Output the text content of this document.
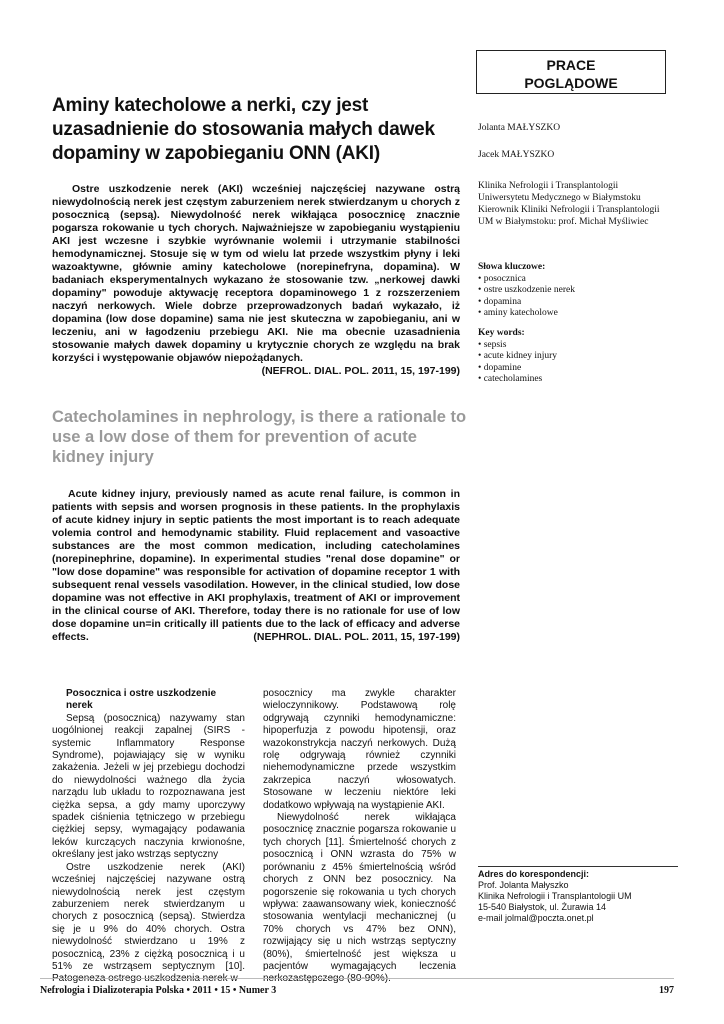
PRACE
POGLĄDOWE
Aminy katecholowe a nerki, czy jest uzasadnienie do stosowania małych dawek dopaminy w zapobieganiu ONN (AKI)
Jolanta MAŁYSZKO
Jacek MAŁYSZKO
Klinika Nefrologii i Transplantologii
Uniwersytetu Medycznego w Białymstoku
Kierownik Kliniki Nefrologii i Transplantologii
UM w Białymstoku: prof. Michał Myśliwiec
Słowa kluczowe:
• posocznica
• ostre uszkodzenie nerek
• dopamina
• aminy katecholowe
Key words:
• sepsis
• acute kidney injury
• dopamine
• catecholamines

Ostre uszkodzenie nerek (AKI) wcześniej najczęściej nazywane ostrą niewydolnością nerek jest częstym zaburzeniem nerek stwierdzanym u chorych z posocznicą (sepsą). Niewydolność nerek wikłająca posocznicę znacznie pogarsza rokowanie u tych chorych. Najważniejsze w zapobieganiu wystąpieniu AKI jest wczesne i szybkie wyrównanie wolemii i utrzymanie stabilności hemodynamicznej. Stosuje się w tym od wielu lat przede wszystkim płyny i leki wazoaktywne, głównie aminy katecholowe (norepinefryna, dopamina). W badaniach eksperymentalnych wykazano że stosowanie tzw. „nerkowej dawki dopaminy" powoduje aktywację receptora dopaminowego 1 z rozszerzeniem naczyń nerkowych. Wiele dobrze przeprowadzonych badań wykazało, iż dopamina (low dose dopamine) sama nie jest skuteczna w zapobieganiu, ani w leczeniu, ani w łagodzeniu przebiegu AKI. Nie ma obecnie uzasadnienia stosowanie małych dawek dopaminy u krytycznie chorych ze względu na brak korzyści i występowanie objawów niepożądanych.
(NEFROL. DIAL. POL. 2011, 15, 197-199)

Catecholamines in nephrology, is there a rationale to use a low dose of them for prevention of acute kidney injury

Acute kidney injury, previously named as acute renal failure, is common in patients with sepsis and worsen prognosis in these patients. In the prophylaxis of acute kidney injury in septic patients the most important is to reach adequate volemia control and hemodynamic stability. Fluid replacement and vasoactive substances are the most common medication, including catecholamines (norepinephrine, dopamine). In experimental studies "renal dose dopamine" or "low dose dopamine" was responsible for activation of dopamine receptor 1 with subsequent renal vessels vasodilation. However, in the clinical studied, low dose dopamine was not effective in AKI prophylaxis, treatment of AKI or improvement in the clinical course of AKI. Therefore, today there is no rationale for use of low dose dopamine un=in critically ill patients due to the lack of efficacy and adverse effects.	(NEPHROL. DIAL. POL. 2011, 15, 197-199)

Posocznica i ostre uszkodzenie nerek

Sepsą (posocznicą) nazywamy stan uogólnionej reakcji zapalnej (SIRS - systemic Inflammatory Response Syndrome), pojawiający się w wyniku zakażenia. Jeżeli w jej przebiegu dochodzi do niewydolności ważnego dla życia narządu lub układu to rozpoznawana jest ciężka sepsa, a gdy mamy uporczywy spadek ciśnienia tętniczego w przebiegu ciężkiej sepsy, wymagający podawania leków kurczących naczynia krwionośne, określany jest jako wstrząs septyczny

Ostre uszkodzenie nerek (AKI) wcześniej najczęściej nazywane ostrą niewydolnością nerek jest częstym zaburzeniem nerek stwierdzanym u chorych z posocznicą (sepsą). Stwierdza się je u 9% do 40% chorych. Ostra niewydolność stwierdzano u 19% z posocznicą, 23% z ciężką posocznicą i u 51% ze wstrząsem septycznym [10]. Patogeneza ostrego uszkodzenia nerek w

posocznicy ma zwykle charakter wieloczynnikowy. Podstawową rolę odgrywają czynniki hemodynamiczne: hipoperfuzja z powodu hipotensji, oraz wazokonstrykcja naczyń nerkowych. Dużą rolę odgrywają również czynniki niehemodynamiczne przede wszystkim zakrzepica naczyń włosowatych. Stosowane w leczeniu niektóre leki dodatkowo wpływają na wystąpienie AKI.

Niewydolność nerek wikłająca posocznicę znacznie pogarsza rokowanie u tych chorych [11]. Śmiertelność chorych z posocznicą i ONN wzrasta do 75% w porównaniu z 45% śmiertelnością wśród chorych z ONN bez posocznicy. Na pogorszenie się rokowania u tych chorych wpływa: zaawansowany wiek, konieczność stosowania wentylacji mechanicznej (u 70% chorych vs 47% bez ONN), rozwijający się u nich wstrząs septyczny (80%), śmiertelność jest większa u pacjentów wymagających leczenia nerkozastępczego (80-90%).

Adres do korespondencji:
Prof. Jolanta Małyszko
Klinika Nefrologii i Transplantologii UM
15-540 Białystok, ul. Żurawia 14
e-mail jolmal@poczta.onet.pl
Nefrologia i Dializoterapia Polska • 2011 • 15 • Numer 3	197
